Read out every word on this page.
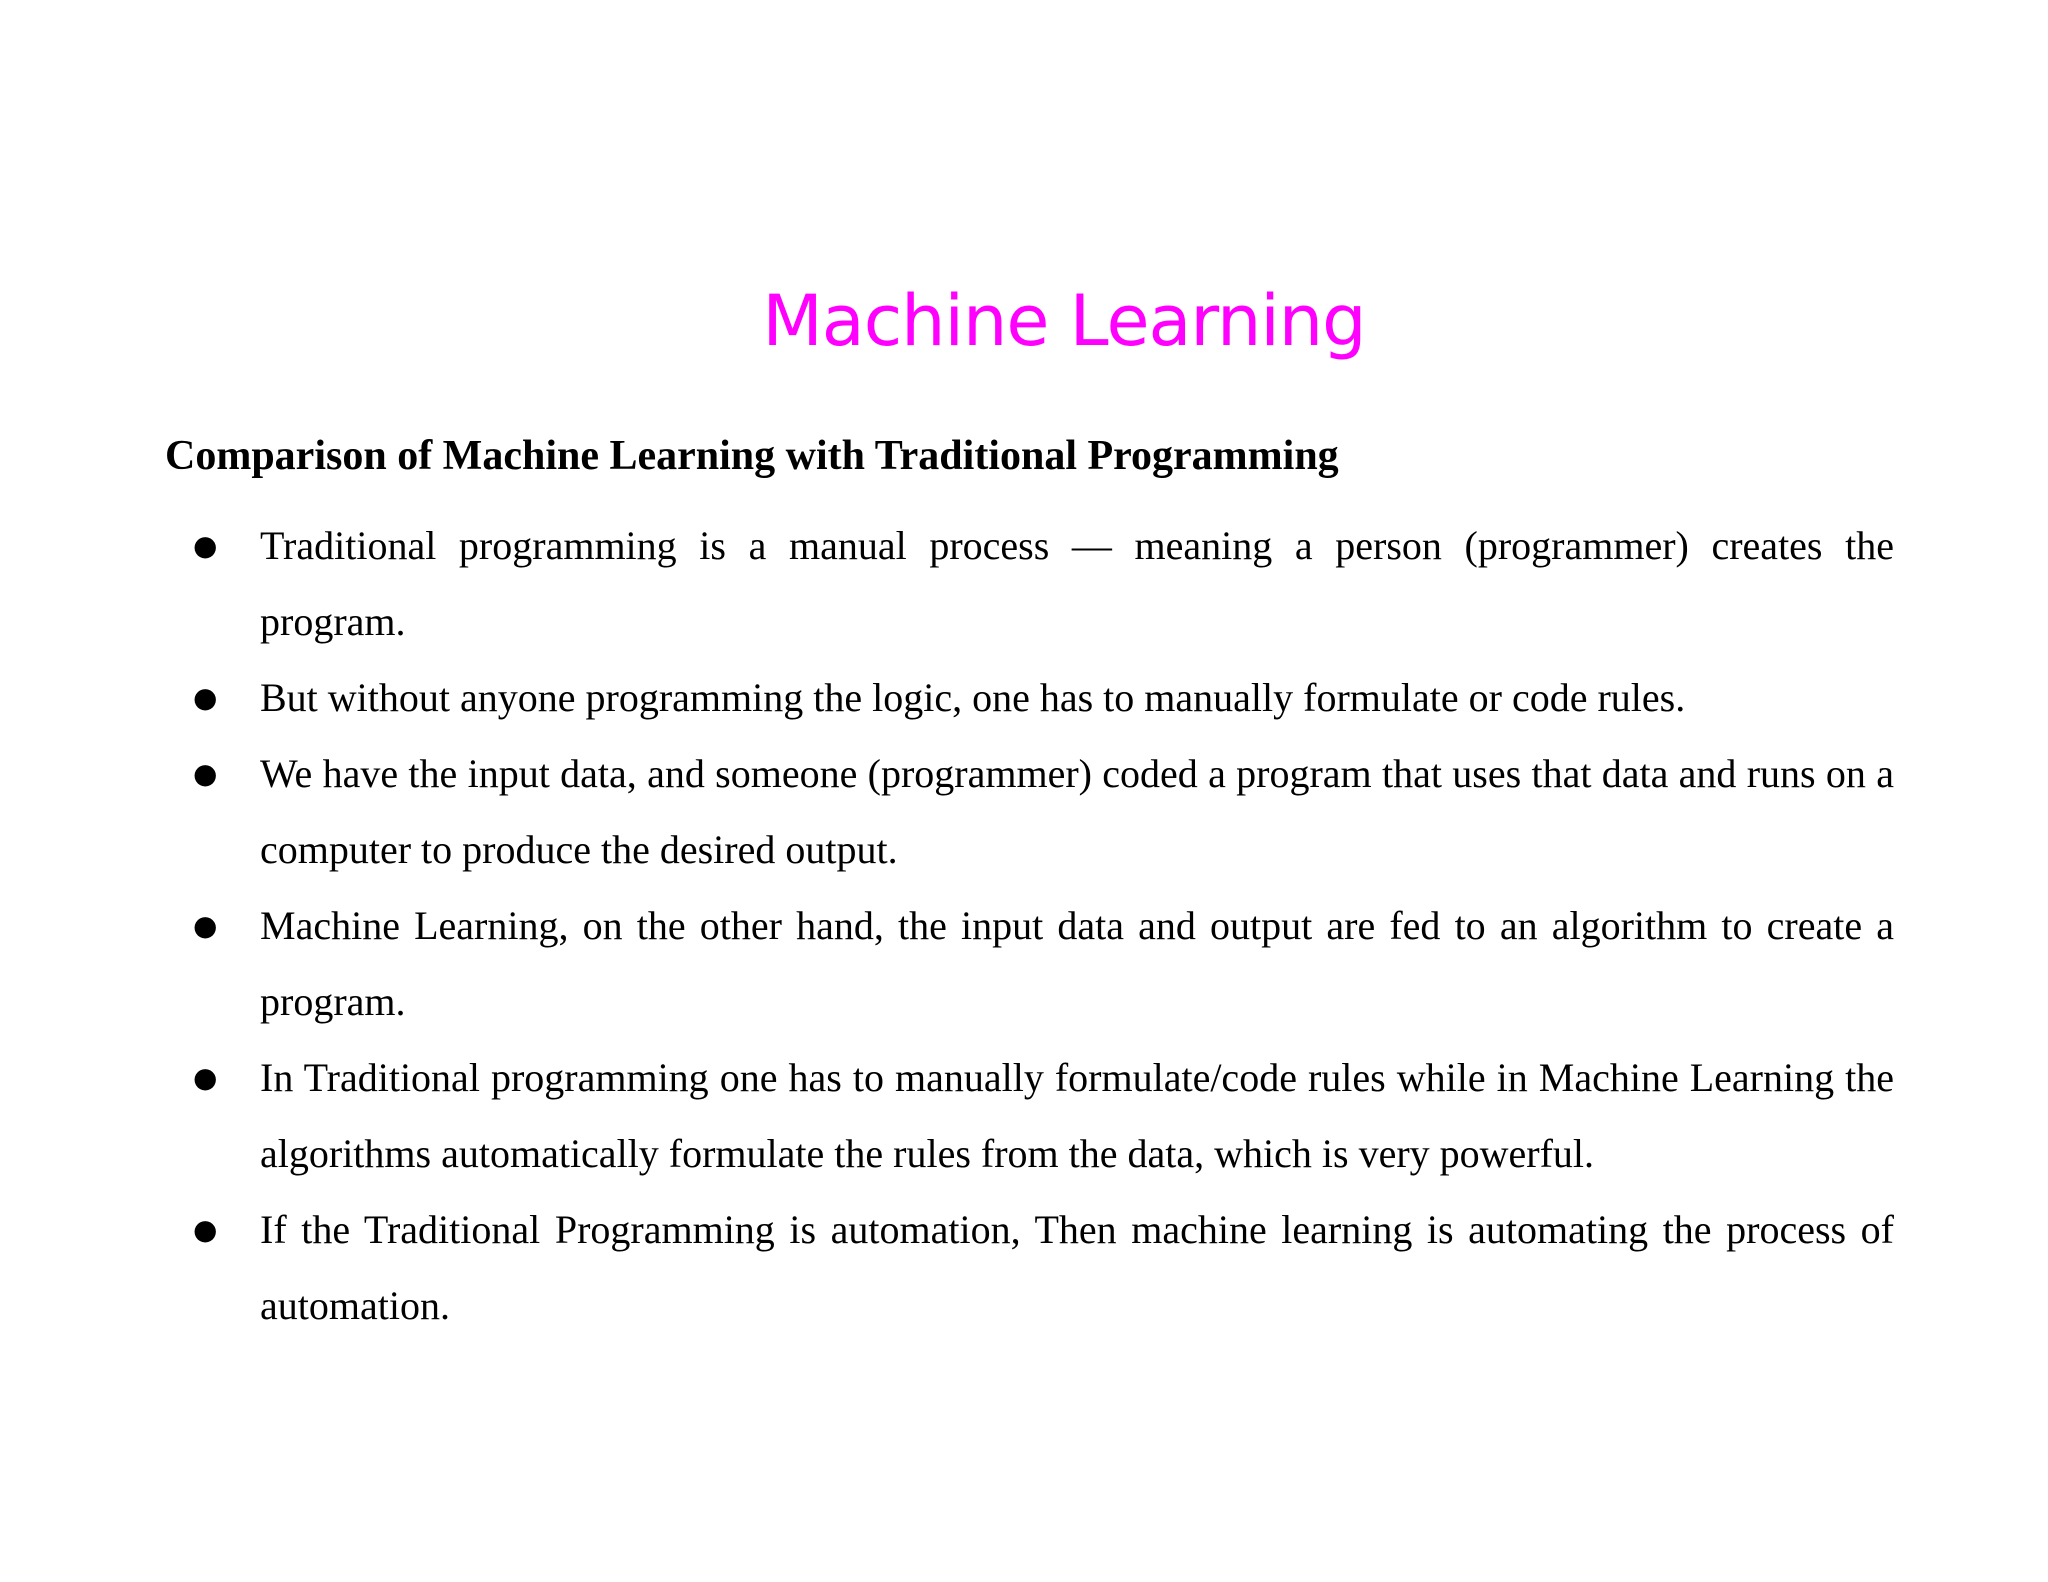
Machine Learning
Comparison of Machine Learning with Traditional Programming
● Traditional programming is a manual process — meaning a person (programmer) creates the program.
● But without anyone programming the logic, one has to manually formulate or code rules.
● We have the input data, and someone (programmer) coded a program that uses that data and runs on a computer to produce the desired output.
● Machine Learning, on the other hand, the input data and output are fed to an algorithm to create a program.
● In Traditional programming one has to manually formulate/code rules while in Machine Learning the algorithms automatically formulate the rules from the data, which is very powerful.
● If the Traditional Programming is automation, Then machine learning is automating the process of automation.
